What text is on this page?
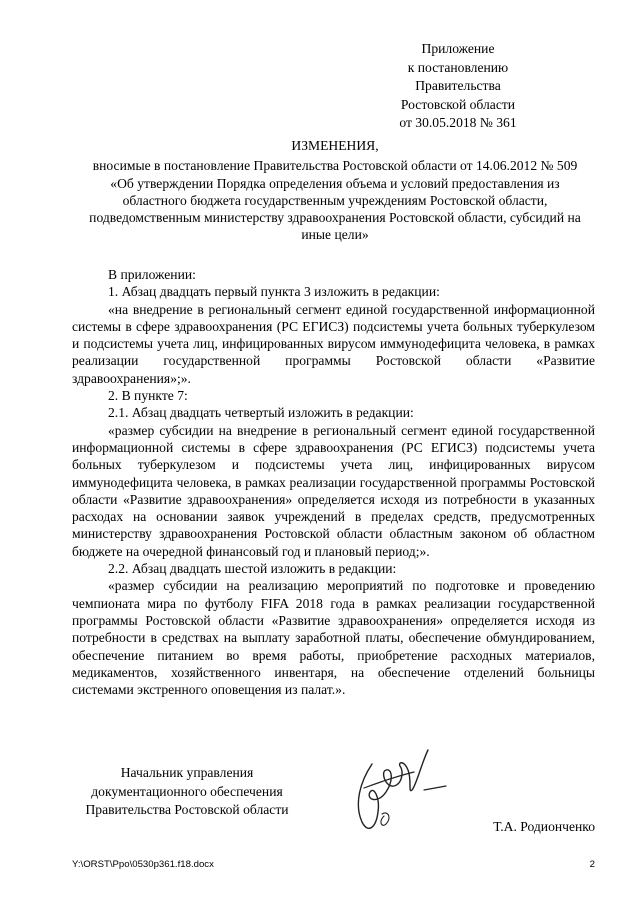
Приложение
к постановлению
Правительства
Ростовской области
от 30.05.2018 № 361

ИЗМЕНЕНИЯ,

вносимые в постановление Правительства Ростовской области от 14.06.2012 № 509 «Об утверждении Порядка определения объема и условий предоставления из областного бюджета государственным учреждениям Ростовской области, подведомственным министерству здравоохранения Ростовской области, субсидий на иные цели»

В приложении:

1. Абзац двадцать первый пункта 3 изложить в редакции:

«на внедрение в региональный сегмент единой государственной информационной системы в сфере здравоохранения (РС ЕГИСЗ) подсистемы учета больных туберкулезом и подсистемы учета лиц, инфицированных вирусом иммунодефицита человека, в рамках реализации государственной программы Ростовской области «Развитие здравоохранения»;».

2. В пункте 7:

2.1. Абзац двадцать четвертый изложить в редакции:

«размер субсидии на внедрение в региональный сегмент единой государственной информационной системы в сфере здравоохранения (РС ЕГИСЗ) подсистемы учета больных туберкулезом и подсистемы учета лиц, инфицированных вирусом иммунодефицита человека, в рамках реализации государственной программы Ростовской области «Развитие здравоохранения» определяется исходя из потребности в указанных расходах на основании заявок учреждений в пределах средств, предусмотренных министерству здравоохранения Ростовской области областным законом об областном бюджете на очередной финансовый год и плановый период;».

2.2. Абзац двадцать шестой изложить в редакции:

«размер субсидии на реализацию мероприятий по подготовке и проведению чемпионата мира по футболу FIFA 2018 года в рамках реализации государственной программы Ростовской области «Развитие здравоохранения» определяется исходя из потребности в средствах на выплату заработной платы, обеспечение обмундированием, обеспечение питанием во время работы, приобретение расходных материалов, медикаментов, хозяйственного инвентаря, на обеспечение отделений больницы системами экстренного оповещения из палат.».

Начальник управления
документационного обеспечения
Правительства Ростовской области
Т.А. Родионченко
Y:\ORST\Ppo\0530p361.f18.docx	2
